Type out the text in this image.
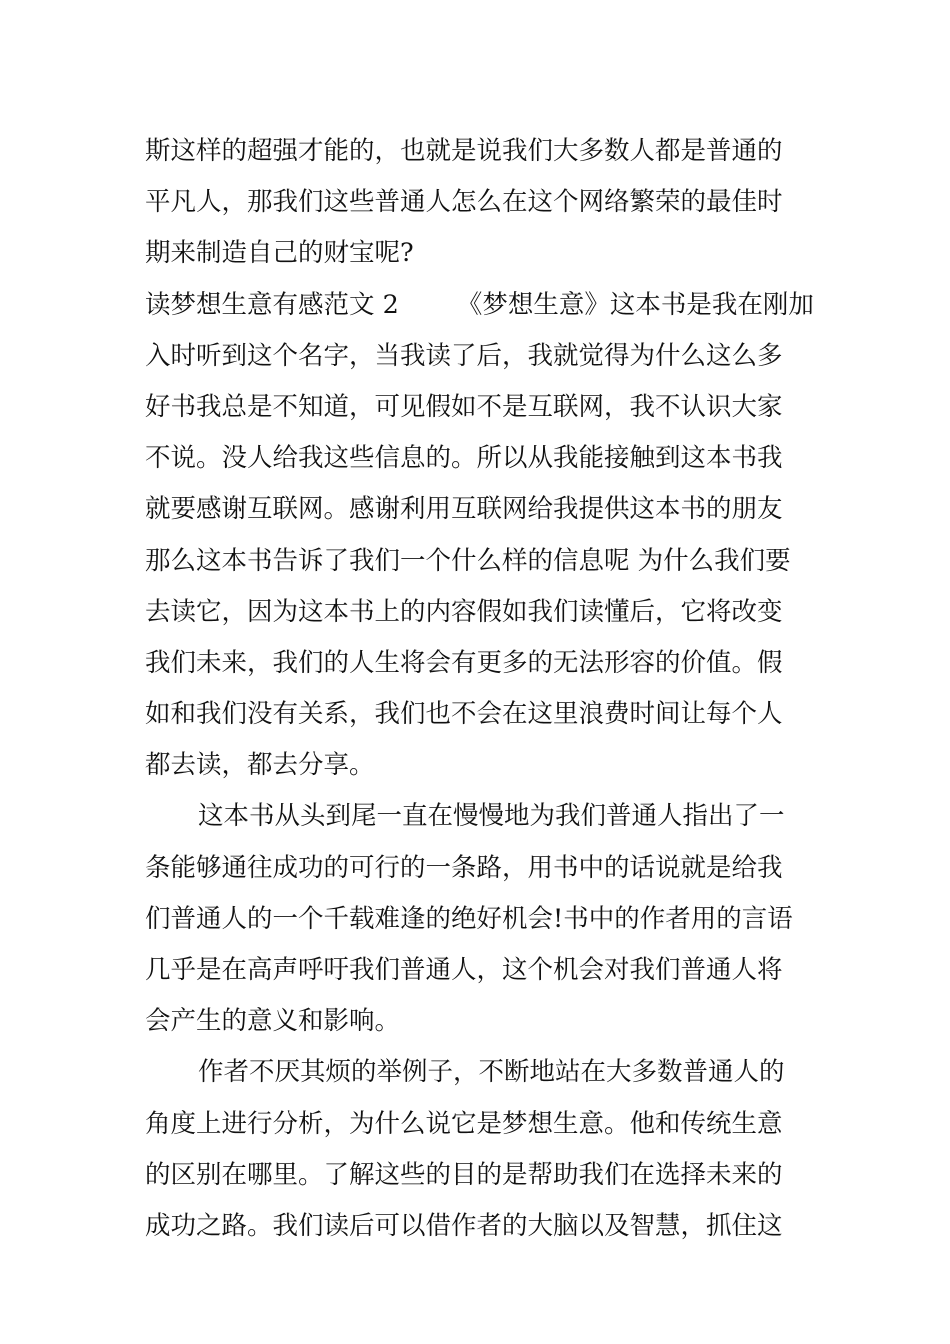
斯这样的超强才能的，也就是说我们大多数人都是普通的
平凡人，那我们这些普通人怎么在这个网络繁荣的最佳时
期来制造自己的财宝呢?
读梦想生意有感范文 2 《梦想生意》这本书是我在刚加
入时听到这个名字，当我读了后，我就觉得为什么这么多
好书我总是不知道，可见假如不是互联网，我不认识大家
不说。没人给我这些信息的。所以从我能接触到这本书我
就要感谢互联网。感谢利用互联网给我提供这本书的朋友
那么这本书告诉了我们一个什么样的信息呢 为什么我们要
去读它，因为这本书上的内容假如我们读懂后，它将改变
我们未来，我们的人生将会有更多的无法形容的价值。假
如和我们没有关系，我们也不会在这里浪费时间让每个人
都去读，都去分享。
这本书从头到尾一直在慢慢地为我们普通人指出了一
条能够通往成功的可行的一条路，用书中的话说就是给我
们普通人的一个千载难逢的绝好机会!书中的作者用的言语
几乎是在高声呼吁我们普通人，这个机会对我们普通人将
会产生的意义和影响。
作者不厌其烦的举例子，不断地站在大多数普通人的
角度上进行分析，为什么说它是梦想生意。他和传统生意
的区别在哪里。了解这些的目的是帮助我们在选择未来的
成功之路。我们读后可以借作者的大脑以及智慧，抓住这
